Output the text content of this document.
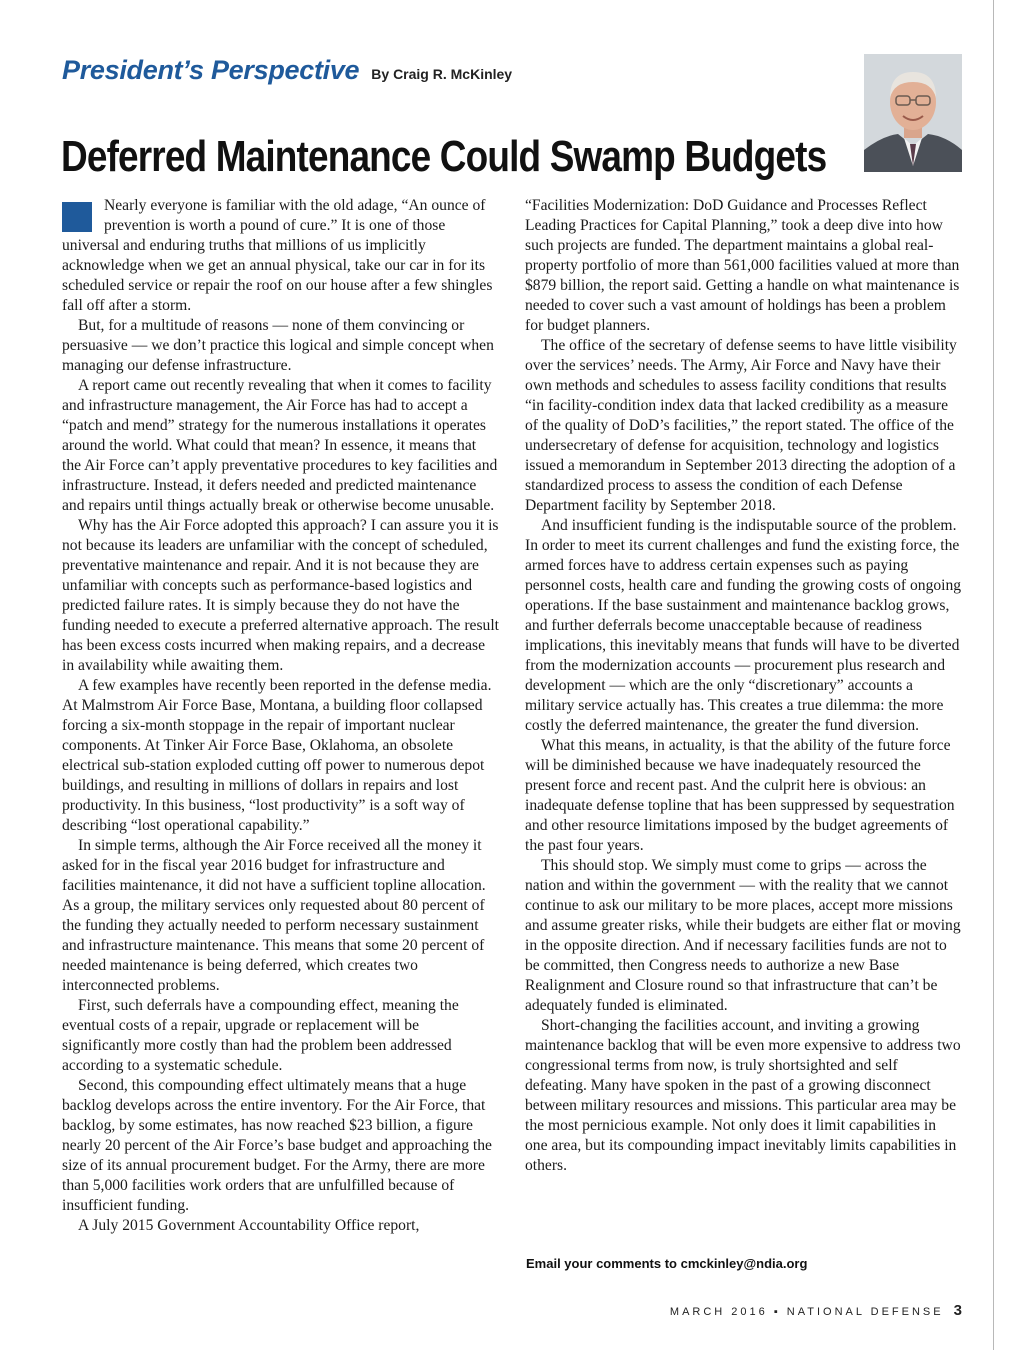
President’s Perspective By Craig R. McKinley
Deferred Maintenance Could Swamp Budgets

Nearly everyone is familiar with the old adage, “An ounce of prevention is worth a pound of cure.” It is one of those universal and enduring truths that millions of us implicitly acknowledge when we get an annual physical, take our car in for its scheduled service or repair the roof on our house after a few shingles fall off after a storm.

But, for a multitude of reasons — none of them convincing or persuasive — we don’t practice this logical and simple concept when managing our defense infrastructure.

A report came out recently revealing that when it comes to facility and infrastructure management, the Air Force has had to accept a “patch and mend” strategy for the numerous installations it operates around the world. What could that mean? In essence, it means that the Air Force can’t apply preventative procedures to key facilities and infrastructure. Instead, it defers needed and predicted maintenance and repairs until things actually break or otherwise become unusable.

Why has the Air Force adopted this approach? I can assure you it is not because its leaders are unfamiliar with the concept of scheduled, preventative maintenance and repair. And it is not because they are unfamiliar with concepts such as performance-based logistics and predicted failure rates. It is simply because they do not have the funding needed to execute a preferred alternative approach. The result has been excess costs incurred when making repairs, and a decrease in availability while awaiting them.

A few examples have recently been reported in the defense media. At Malmstrom Air Force Base, Montana, a building floor collapsed forcing a six-month stoppage in the repair of important nuclear components. At Tinker Air Force Base, Oklahoma, an obsolete electrical sub-station exploded cutting off power to numerous depot buildings, and resulting in millions of dollars in repairs and lost productivity. In this business, “lost productivity” is a soft way of describing “lost operational capability.”

In simple terms, although the Air Force received all the money it asked for in the fiscal year 2016 budget for infrastructure and facilities maintenance, it did not have a sufficient topline allocation. As a group, the military services only requested about 80 percent of the funding they actually needed to perform necessary sustainment and infrastructure maintenance. This means that some 20 percent of needed maintenance is being deferred, which creates two interconnected problems.

First, such deferrals have a compounding effect, meaning the eventual costs of a repair, upgrade or replacement will be significantly more costly than had the problem been addressed according to a systematic schedule.

Second, this compounding effect ultimately means that a huge backlog develops across the entire inventory. For the Air Force, that backlog, by some estimates, has now reached $23 billion, a figure nearly 20 percent of the Air Force’s base budget and approaching the size of its annual procurement budget. For the Army, there are more than 5,000 facilities work orders that are unfulfilled because of insufficient funding.

A July 2015 Government Accountability Office report,

“Facilities Modernization: DoD Guidance and Processes Reflect Leading Practices for Capital Planning,” took a deep dive into how such projects are funded. The department maintains a global real-property portfolio of more than 561,000 facilities valued at more than $879 billion, the report said. Getting a handle on what maintenance is needed to cover such a vast amount of holdings has been a problem for budget planners.

The office of the secretary of defense seems to have little visibility over the services’ needs. The Army, Air Force and Navy have their own methods and schedules to assess facility conditions that results “in facility-condition index data that lacked credibility as a measure of the quality of DoD’s facilities,” the report stated. The office of the undersecretary of defense for acquisition, technology and logistics issued a memorandum in September 2013 directing the adoption of a standardized process to assess the condition of each Defense Department facility by September 2018.

And insufficient funding is the indisputable source of the problem. In order to meet its current challenges and fund the existing force, the armed forces have to address certain expenses such as paying personnel costs, health care and funding the growing costs of ongoing operations. If the base sustainment and maintenance backlog grows, and further deferrals become unacceptable because of readiness implications, this inevitably means that funds will have to be diverted from the modernization accounts — procurement plus research and development — which are the only “discretionary” accounts a military service actually has. This creates a true dilemma: the more costly the deferred maintenance, the greater the fund diversion.

What this means, in actuality, is that the ability of the future force will be diminished because we have inadequately resourced the present force and recent past. And the culprit here is obvious: an inadequate defense topline that has been suppressed by sequestration and other resource limitations imposed by the budget agreements of the past four years.

This should stop. We simply must come to grips — across the nation and within the government — with the reality that we cannot continue to ask our military to be more places, accept more missions and assume greater risks, while their budgets are either flat or moving in the opposite direction. And if necessary facilities funds are not to be committed, then Congress needs to authorize a new Base Realignment and Closure round so that infrastructure that can’t be adequately funded is eliminated.

Short-changing the facilities account, and inviting a growing maintenance backlog that will be even more expensive to address two congressional terms from now, is truly shortsighted and self defeating. Many have spoken in the past of a growing disconnect between military resources and missions. This particular area may be the most pernicious example. Not only does it limit capabilities in one area, but its compounding impact inevitably limits capabilities in others.

Email your comments to cmckinley@ndia.org
MARCH 2016 ▪ NATIONAL DEFENSE 3
